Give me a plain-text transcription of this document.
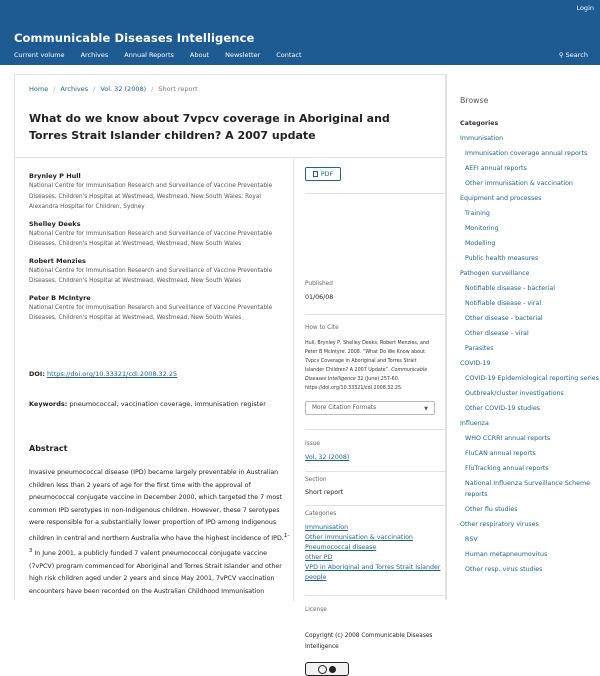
Login
Communicable Diseases Intelligence
Current volume Archives Annual Reports About Newsletter Contact	⚲ Search
Home / Archives / Vol. 32 (2008) / Short report
What do we know about 7vpcv coverage in Aboriginal and Torres Strait Islander children? A 2007 update
Brynley P Hull
National Centre for Immunisation Research and Surveillance of Vaccine Preventable Diseases, Children's Hospital at Westmead, Westmead, New South Wales; Royal Alexandra Hospital for Children, Sydney
Shelley Deeks
National Centre for Immunisation Research and Surveillance of Vaccine Preventable Diseases, Children's Hospital at Westmead, Westmead, New South Wales
Robert Menzies
National Centre for Immunisation Research and Surveillance of Vaccine Preventable Diseases, Children's Hospital at Westmead, Westmead, New South Wales
Peter B McIntyre
National Centre for Immunisation Research and Surveillance of Vaccine Preventable Diseases, Children's Hospital at Westmead, Westmead, New South Wales
DOI: https://doi.org/10.33321/cdi.2008.32.25
Keywords: pneumococcal, vaccination coverage, immunisation register
Abstract

Invasive pneumococcal disease (IPD) became largely preventable in Australian children less than 2 years of age for the first time with the approval of pneumococcal conjugate vaccine in December 2000, which targeted the 7 most common IPD serotypes in non-Indigenous children. However, these 7 serotypes were responsible for a substantially lower proportion of IPD among Indigenous children in central and northern Australia who have the highest incidence of IPD.$^{1-3}$ In June 2001, a publicly funded 7 valent pneumococcal conjugate vaccine (7vPCV) program commenced for Aboriginal and Torres Strait Islander and other high risk children aged under 2 years and since May 2001, 7vPCV vaccination encounters have been recorded on the Australian Childhood Immunisation

PDF
Published
01/06/08
How to Cite
Hull, Brynley P, Shelley Deeks, Robert Menzies, and Peter B McIntyre. 2008. “What Do We Know about 7vpcv Coverage in Aboriginal and Torres Strait Islander Children? A 2007 Update”. Communicable Diseases Intelligence 32 (June):257-60. https://doi.org/10.33321/cdi.2008.32.25.
More Citation Formats	▼
Issue
Vol. 32 (2008)
Section
Short report
Categories
Immunisation
Other immunisation & vaccination
Pneumococcal disease
other PD
VPD in Aboriginal and Torres Strait Islander people
License
Copyright (c) 2008 Communicable Diseases Intelligence
Browse
Categories
Immunisation
Immunisation coverage annual reports
AEFI annual reports
Other immunisation & vaccination
Equipment and processes
Training
Monitoring
Modelling
Public health measures
Pathogen surveillance
Notifiable disease - bacterial
Notifiable disease - viral
Other disease - bacterial
Other disease - viral
Parasites
COVID-19
COVID-19 Epidemiological reporting series
Outbreak/cluster investigations
Other COVID-19 studies
Influenza
WHO CCRRI annual reports
FluCAN annual reports
FluTracking annual reports
National Influenza Surveillance Scheme reports
Other flu studies
Other respiratory viruses
RSV
Human metapneumovirus
Other resp. virus studies
